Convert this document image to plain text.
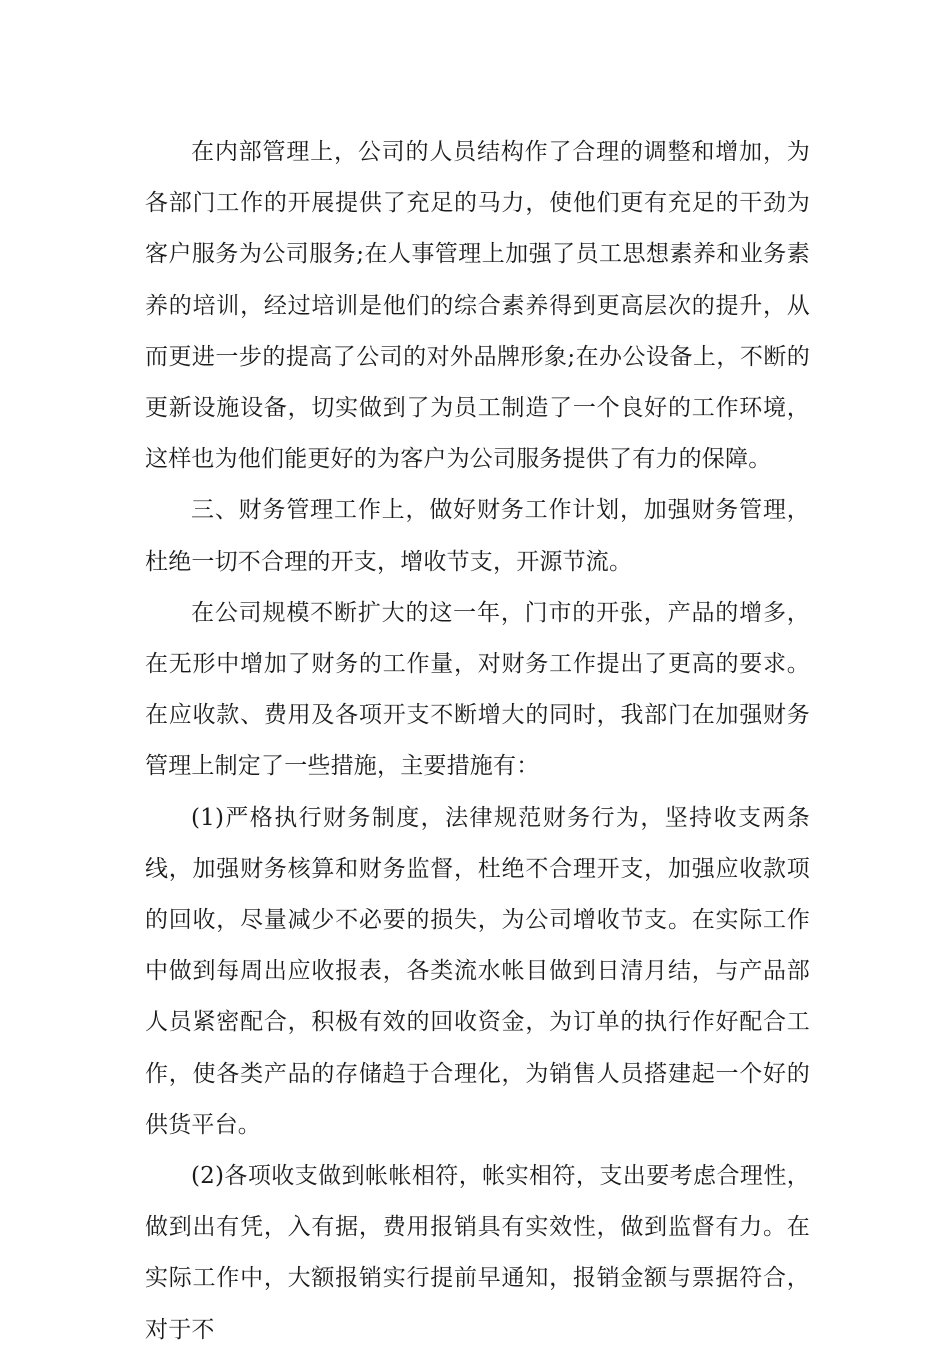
在内部管理上，公司的人员结构作了合理的调整和增加，为各部门工作的开展提供了充足的马力，使他们更有充足的干劲为客户服务为公司服务;在人事管理上加强了员工思想素养和业务素养的培训，经过培训是他们的综合素养得到更高层次的提升，从而更进一步的提高了公司的对外品牌形象;在办公设备上，不断的更新设施设备，切实做到了为员工制造了一个良好的工作环境，这样也为他们能更好的为客户为公司服务提供了有力的保障。

三、财务管理工作上，做好财务工作计划，加强财务管理，杜绝一切不合理的开支，增收节支，开源节流。

在公司规模不断扩大的这一年，门市的开张，产品的增多，在无形中增加了财务的工作量，对财务工作提出了更高的要求。在应收款、费用及各项开支不断增大的同时，我部门在加强财务管理上制定了一些措施，主要措施有：

(1)严格执行财务制度，法律规范财务行为，坚持收支两条线，加强财务核算和财务监督，杜绝不合理开支，加强应收款项的回收，尽量减少不必要的损失，为公司增收节支。在实际工作中做到每周出应收报表，各类流水帐目做到日清月结，与产品部人员紧密配合，积极有效的回收资金，为订单的执行作好配合工作，使各类产品的存储趋于合理化，为销售人员搭建起一个好的供货平台。

(2)各项收支做到帐帐相符，帐实相符，支出要考虑合理性，做到出有凭，入有据，费用报销具有实效性，做到监督有力。在实际工作中，大额报销实行提前早通知，报销金额与票据符合，对于不
